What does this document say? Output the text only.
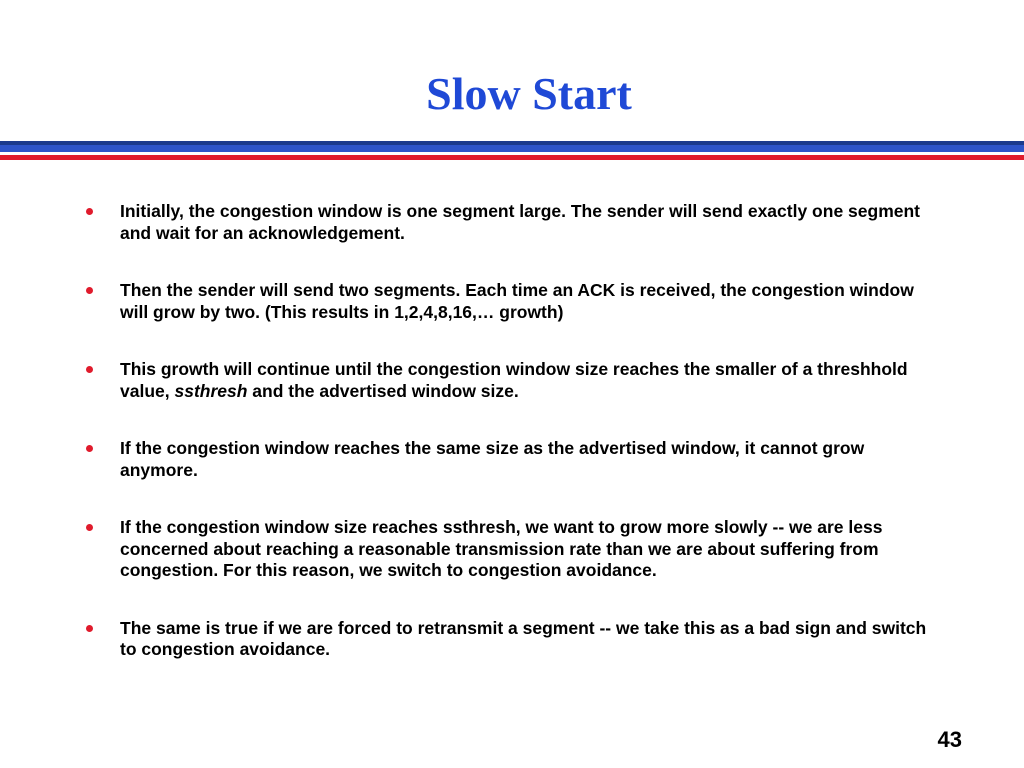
Slow Start
Initially, the congestion window is one segment large. The sender will send exactly one segment and wait for an acknowledgement.
Then the sender will send two segments. Each time an ACK is received, the congestion window will grow by two. (This results in 1,2,4,8,16,… growth)
This growth will continue until the congestion window size reaches the smaller of a threshhold value, ssthresh and the advertised window size.
If the congestion window reaches the same size as the advertised window, it cannot grow anymore.
If the congestion window size reaches ssthresh, we want to grow more slowly -- we are less concerned about reaching a reasonable transmission rate than we are about suffering from congestion. For this reason, we switch to congestion avoidance.
The same is true if we are forced to retransmit a segment -- we take this as a bad sign and switch to congestion avoidance.
43
